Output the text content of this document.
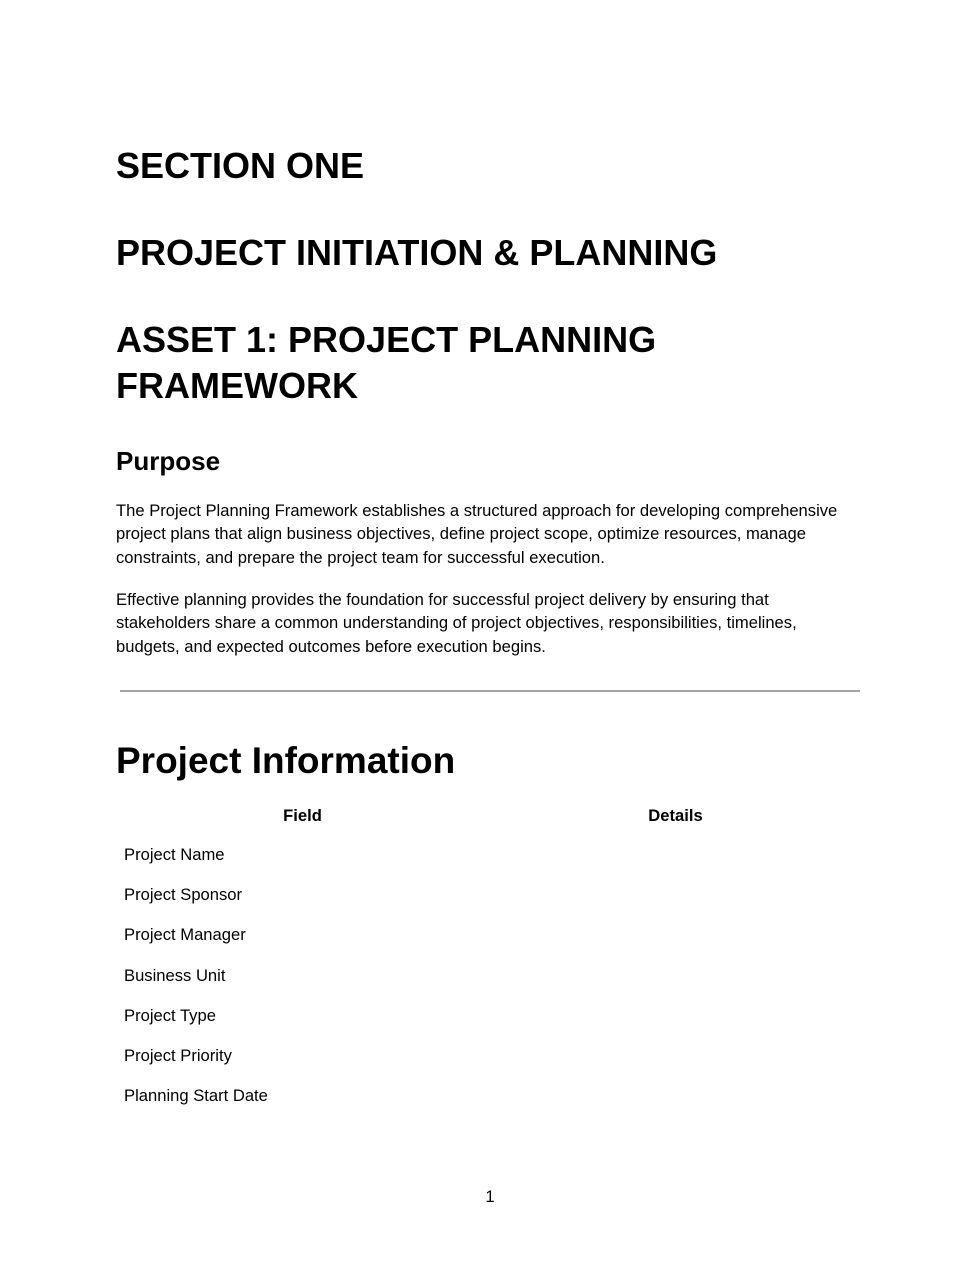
SECTION ONE
PROJECT INITIATION & PLANNING
ASSET 1: PROJECT PLANNING FRAMEWORK
Purpose

The Project Planning Framework establishes a structured approach for developing comprehensive project plans that align business objectives, define project scope, optimize resources, manage constraints, and prepare the project team for successful execution.

Effective planning provides the foundation for successful project delivery by ensuring that stakeholders share a common understanding of project objectives, responsibilities, timelines, budgets, and expected outcomes before execution begins.

Project Information
Field	Details
Project Name	
Project Sponsor	
Project Manager	
Business Unit	
Project Type	
Project Priority	
Planning Start Date	
1
